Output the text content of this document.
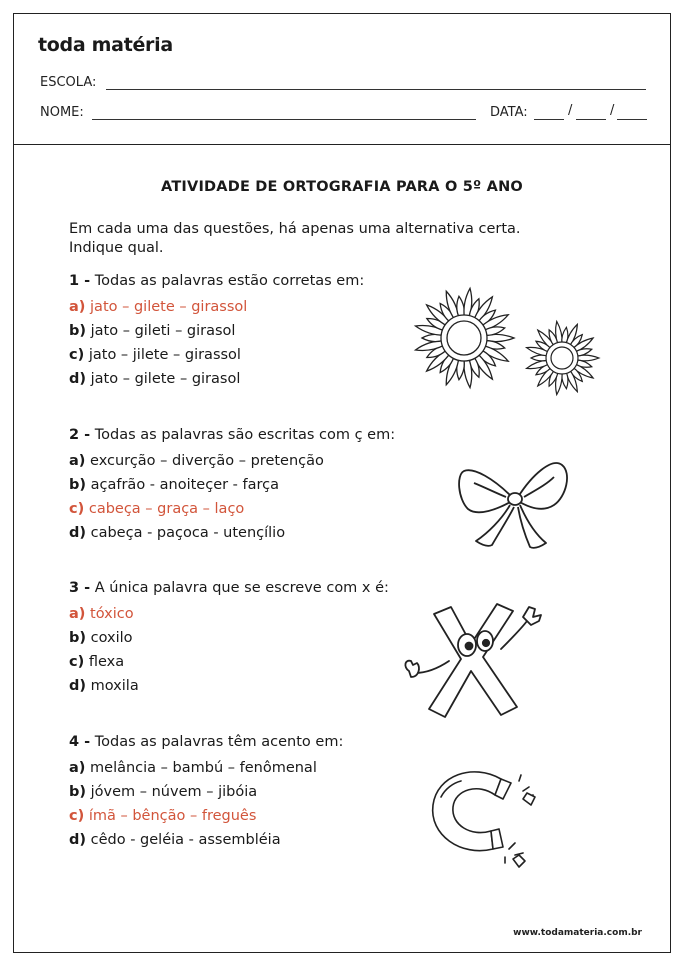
toda matéria
ESCOLA:
NOME:	DATA:	/	/
ATIVIDADE DE ORTOGRAFIA PARA O 5º ANO
Em cada uma das questões, há apenas uma alternativa certa.
Indique qual.
1 - Todas as palavras estão corretas em:
a) jato – gilete – girassol
b) jato – gileti – girasol
c) jato – jilete – girassol
d) jato – gilete – girasol
2 - Todas as palavras são escritas com ç em:
a) excurção – diverção – pretenção
b) açafrão - anoiteçer - farça
c) cabeça – graça – laço
d) cabeça - paçoca - utençílio
3 - A única palavra que se escreve com x é:
a) tóxico
b) coxilo
c) flexa
d) moxila
4 - Todas as palavras têm acento em:
a) melância – bambú – fenômenal
b) jóvem – núvem – jibóia
c) ímã – bênção – freguês
d) cêdo - geléia - assembléia
www.todamateria.com.br
